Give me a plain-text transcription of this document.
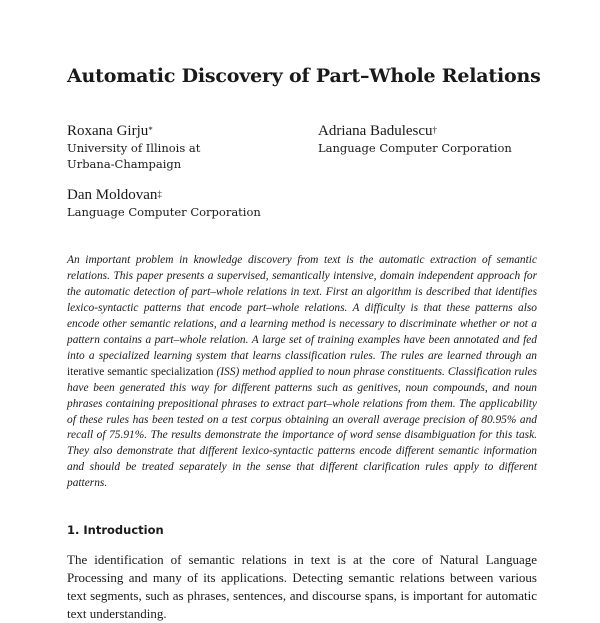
Automatic Discovery of Part–Whole Relations
Roxana Girju*
University of Illinois at
Urbana-Champaign
Adriana Badulescu†
Language Computer Corporation
Dan Moldovan‡
Language Computer Corporation

An important problem in knowledge discovery from text is the automatic extraction of semantic relations. This paper presents a supervised, semantically intensive, domain independent approach for the automatic detection of part–whole relations in text. First an algorithm is described that identifies lexico-syntactic patterns that encode part–whole relations. A difficulty is that these patterns also encode other semantic relations, and a learning method is necessary to discriminate whether or not a pattern contains a part–whole relation. A large set of training examples have been annotated and fed into a specialized learning system that learns classification rules. The rules are learned through an iterative semantic specialization (ISS) method applied to noun phrase constituents. Classification rules have been generated this way for different patterns such as genitives, noun compounds, and noun phrases containing prepositional phrases to extract part–whole relations from them. The applicability of these rules has been tested on a test corpus obtaining an overall average precision of 80.95% and recall of 75.91%. The results demonstrate the importance of word sense disambiguation for this task. They also demonstrate that different lexico-syntactic patterns encode different semantic information and should be treated separately in the sense that different clarification rules apply to different patterns.

1. Introduction

The identification of semantic relations in text is at the core of Natural Language Processing and many of its applications. Detecting semantic relations between various text segments, such as phrases, sentences, and discourse spans, is important for automatic text understanding.
